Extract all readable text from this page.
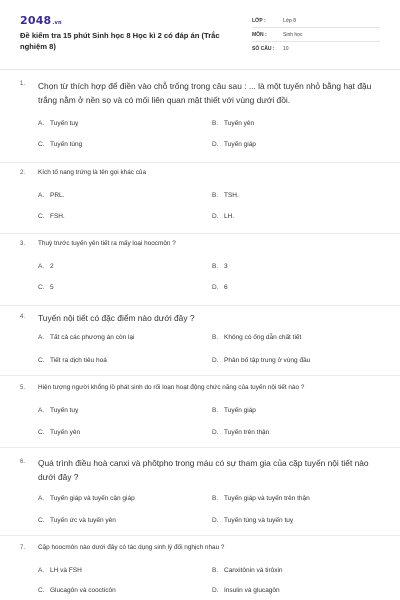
2048.vn
Đề kiểm tra 15 phút Sinh học 8 Học kì 2 có đáp án (Trắc nghiệm 8)
LỚP :	Lớp 8
MÔN :	Sinh học
SỐ CÂU :	10
1. Chọn từ thích hợp để điền vào chỗ trống trong câu sau : ... là một tuyến nhỏ bằng hạt đậu trắng nằm ở nền sọ và có mối liên quan mật thiết với vùng dưới đồi.
A. Tuyến tuỵ	B. Tuyến yên
C. Tuyến tùng	D. Tuyến giáp
2. Kích tố nang trứng là tên gọi khác của
A. PRL.	B. TSH.
C. FSH.	D. LH.
3. Thuỳ trước tuyến yên tiết ra mấy loại hoocmôn ?
A. 2	B. 3
C. 5	D. 6
4. Tuyến nội tiết có đặc điểm nào dưới đây ?
A. Tất cả các phương án còn lại	B. Không có ống dẫn chất tiết
C. Tiết ra dịch tiêu hoá	D. Phân bố tập trung ở vùng đầu
5. Hiện tượng người khổng lồ phát sinh do rối loạn hoạt động chức năng của tuyến nội tiết nào ?
A. Tuyến tuỵ	B. Tuyến giáp
C. Tuyến yên	D. Tuyến trên thận
6. Quá trình điều hoà canxi và phôtpho trong máu có sự tham gia của cặp tuyến nội tiết nào dưới đây ?
A. Tuyến giáp và tuyến cận giáp	B. Tuyến giáp và tuyến trên thận
C. Tuyến ức và tuyến yên	D. Tuyến tùng và tuyến tuỵ
7. Cặp hoocmôn nào dưới đây có tác dụng sinh lý đối nghịch nhau ?
A. LH và FSH	B. Canxitônin và tirôxin
C. Glucagôn và coocticôn	D. Insulin và glucagôn
